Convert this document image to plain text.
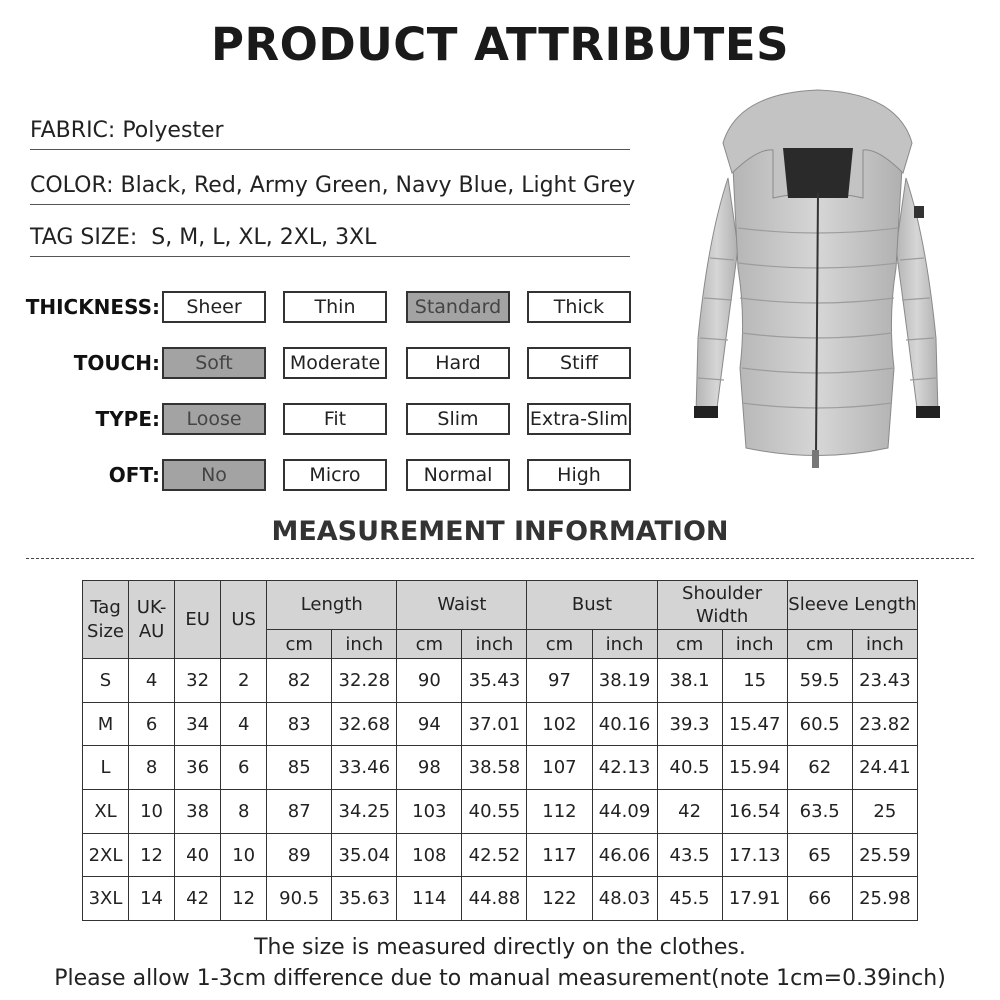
PRODUCT ATTRIBUTES
FABRIC: Polyester
COLOR: Black, Red, Army Green, Navy Blue, Light Grey
TAG SIZE:  S, M, L, XL, 2XL, 3XL
THICKNESS:	Sheer	Thin	Standard	Thick
TOUCH:	Soft	Moderate	Hard	Stiff
TYPE:	Loose	Fit	Slim	Extra-Slim
OFT:	No	Micro	Normal	High
MEASUREMENT INFORMATION
Tag Size	UK-AU	EU	US	Length		Waist		Bust		Shoulder Width		Sleeve Length	
				cm	inch	cm	inch	cm	inch	cm	inch	cm	inch
S	4	32	2	82	32.28	90	35.43	97	38.19	38.1	15	59.5	23.43
M	6	34	4	83	32.68	94	37.01	102	40.16	39.3	15.47	60.5	23.82
L	8	36	6	85	33.46	98	38.58	107	42.13	40.5	15.94	62	24.41
XL	10	38	8	87	34.25	103	40.55	112	44.09	42	16.54	63.5	25
2XL	12	40	10	89	35.04	108	42.52	117	46.06	43.5	17.13	65	25.59
3XL	14	42	12	90.5	35.63	114	44.88	122	48.03	45.5	17.91	66	25.98
The size is measured directly on the clothes.
Please allow 1-3cm difference due to manual measurement(note 1cm=0.39inch)
